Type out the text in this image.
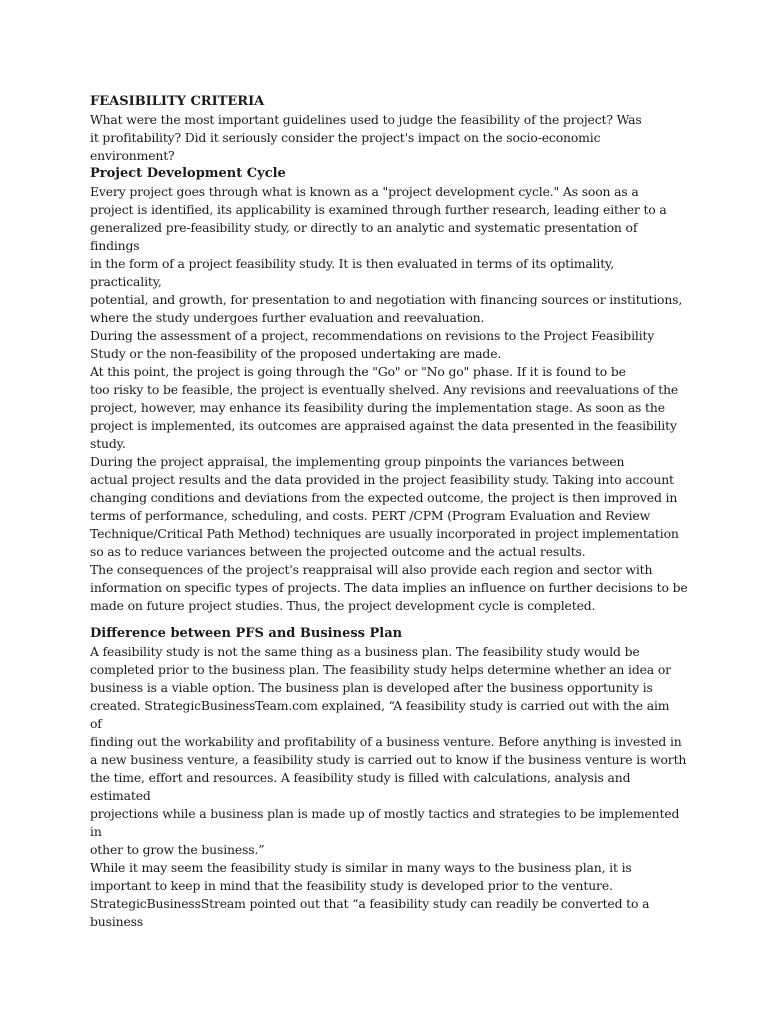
FEASIBILITY CRITERIA
What were the most important guidelines used to judge the feasibility of the project? Was
it profitability? Did it seriously consider the project's impact on the socio-economic
environment?
Project Development Cycle
Every project goes through what is known as a "project development cycle." As soon as a
project is identified, its applicability is examined through further research, leading either to a
generalized pre-feasibility study, or directly to an analytic and systematic presentation of
findings
in the form of a project feasibility study. It is then evaluated in terms of its optimality,
practicality,
potential, and growth, for presentation to and negotiation with financing sources or institutions,
where the study undergoes further evaluation and reevaluation.
During the assessment of a project, recommendations on revisions to the Project Feasibility
Study or the non-feasibility of the proposed undertaking are made.
At this point, the project is going through the "Go" or "No go" phase. If it is found to be
too risky to be feasible, the project is eventually shelved. Any revisions and reevaluations of the
project, however, may enhance its feasibility during the implementation stage. As soon as the
project is implemented, its outcomes are appraised against the data presented in the feasibility
study.
During the project appraisal, the implementing group pinpoints the variances between
actual project results and the data provided in the project feasibility study. Taking into account
changing conditions and deviations from the expected outcome, the project is then improved in
terms of performance, scheduling, and costs. PERT /CPM (Program Evaluation and Review
Technique/Critical Path Method) techniques are usually incorporated in project implementation
so as to reduce variances between the projected outcome and the actual results.
The consequences of the project's reappraisal will also provide each region and sector with
information on specific types of projects. The data implies an influence on further decisions to be
made on future project studies. Thus, the project development cycle is completed.
Difference between PFS and Business Plan
A feasibility study is not the same thing as a business plan. The feasibility study would be
completed prior to the business plan. The feasibility study helps determine whether an idea or
business is a viable option. The business plan is developed after the business opportunity is
created. StrategicBusinessTeam.com explained, “A feasibility study is carried out with the aim
of
finding out the workability and profitability of a business venture. Before anything is invested in
a new business venture, a feasibility study is carried out to know if the business venture is worth
the time, effort and resources. A feasibility study is filled with calculations, analysis and
estimated
projections while a business plan is made up of mostly tactics and strategies to be implemented
in
other to grow the business.”
While it may seem the feasibility study is similar in many ways to the business plan, it is
important to keep in mind that the feasibility study is developed prior to the venture.
StrategicBusinessStream pointed out that “a feasibility study can readily be converted to a
business
